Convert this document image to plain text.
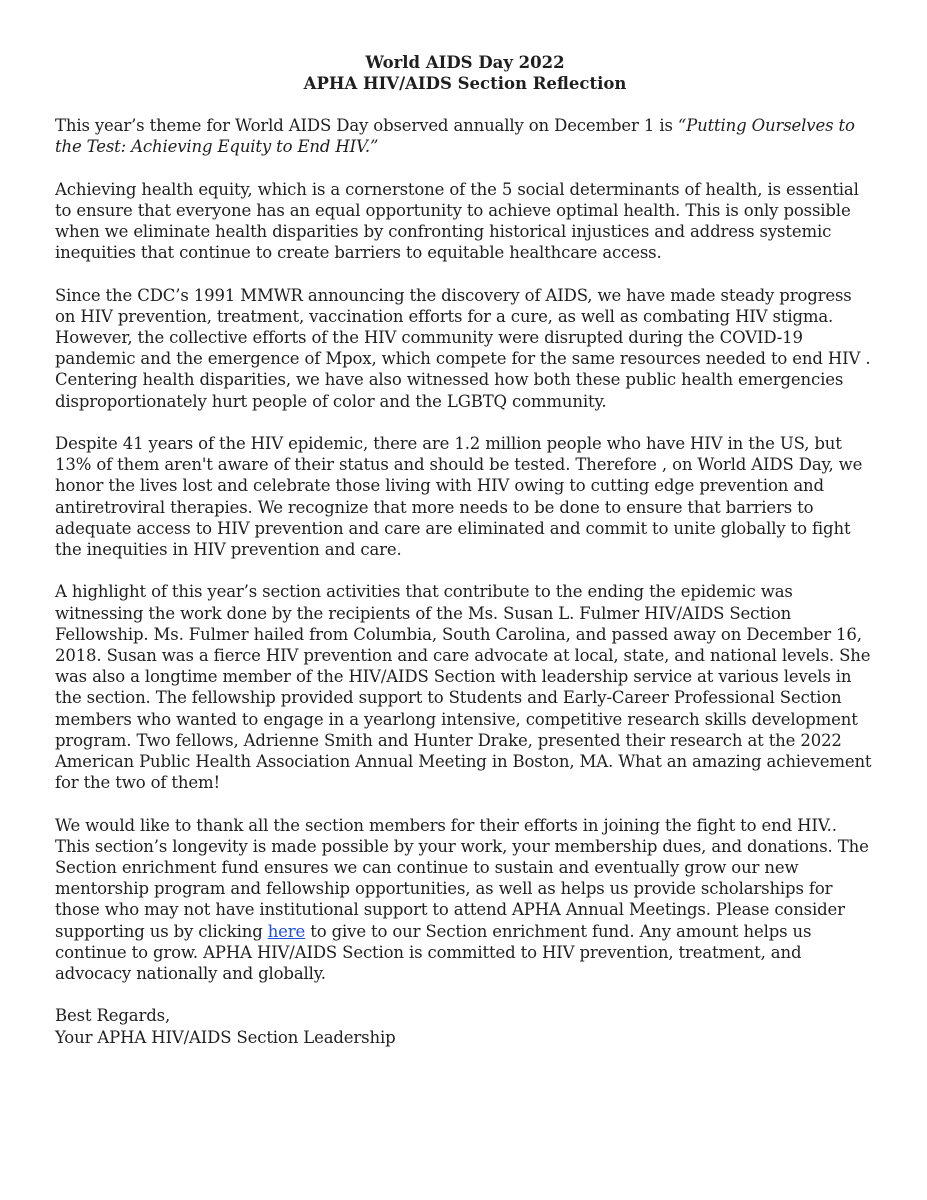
World AIDS Day 2022
APHA HIV/AIDS Section Reflection

This year’s theme for World AIDS Day observed annually on December 1 is “Putting Ourselves to the Test: Achieving Equity to End HIV.”

Achieving health equity, which is a cornerstone of the 5 social determinants of health, is essential to ensure that everyone has an equal opportunity to achieve optimal health. This is only possible when we eliminate health disparities by confronting historical injustices and address systemic inequities that continue to create barriers to equitable healthcare access.

Since the CDC’s 1991 MMWR announcing the discovery of AIDS, we have made steady progress on HIV prevention, treatment, vaccination efforts for a cure, as well as combating HIV stigma. However, the collective efforts of the HIV community were disrupted during the COVID-19 pandemic and the emergence of Mpox, which compete for the same resources needed to end HIV . Centering health disparities, we have also witnessed how both these public health emergencies disproportionately hurt people of color and the LGBTQ community.

Despite 41 years of the HIV epidemic, there are 1.2 million people who have HIV in the US, but 13% of them aren't aware of their status and should be tested. Therefore , on World AIDS Day, we honor the lives lost and celebrate those living with HIV owing to cutting edge prevention and antiretroviral therapies. We recognize that more needs to be done to ensure that barriers to adequate access to HIV prevention and care are eliminated and commit to unite globally to fight the inequities in HIV prevention and care.

A highlight of this year’s section activities that contribute to the ending the epidemic was witnessing the work done by the recipients of the Ms. Susan L. Fulmer HIV/AIDS Section Fellowship. Ms. Fulmer hailed from Columbia, South Carolina, and passed away on December 16, 2018. Susan was a fierce HIV prevention and care advocate at local, state, and national levels. She was also a longtime member of the HIV/AIDS Section with leadership service at various levels in the section. The fellowship provided support to Students and Early-Career Professional Section members who wanted to engage in a yearlong intensive, competitive research skills development program. Two fellows, Adrienne Smith and Hunter Drake, presented their research at the 2022 American Public Health Association Annual Meeting in Boston, MA. What an amazing achievement for the two of them!

We would like to thank all the section members for their efforts in joining the fight to end HIV.. This section’s longevity is made possible by your work, your membership dues, and donations. The Section enrichment fund ensures we can continue to sustain and eventually grow our new mentorship program and fellowship opportunities, as well as helps us provide scholarships for those who may not have institutional support to attend APHA Annual Meetings. Please consider supporting us by clicking here to give to our Section enrichment fund. Any amount helps us continue to grow. APHA HIV/AIDS Section is committed to HIV prevention, treatment, and advocacy nationally and globally.

Best Regards,

Your APHA HIV/AIDS Section Leadership
